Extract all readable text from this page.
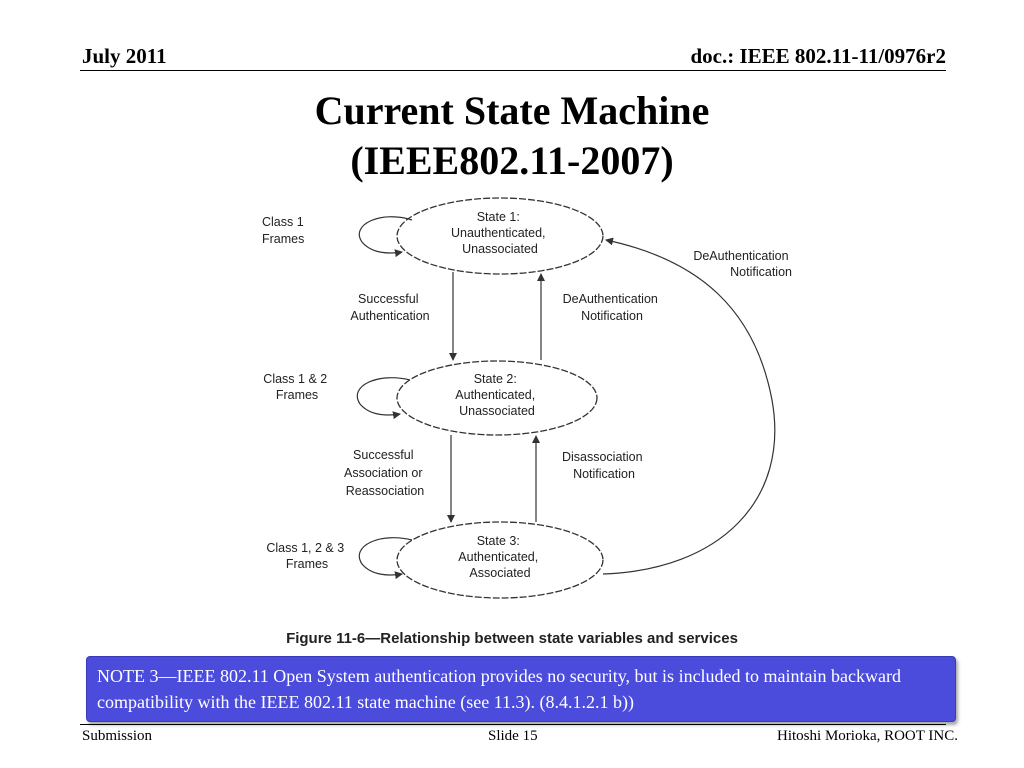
July 2011	doc.: IEEE 802.11-11/0976r2
Current State Machine
(IEEE802.11-2007)
State 1: Unauthenticated, Unassociated
State 2: Authenticated, Unassociated
State 3: Authenticated, Associated
Class 1 Frames
Class 1 & 2 Frames
Class 1, 2 & 3 Frames
Successful Authentication
DeAuthentication Notification
Successful Association or Reassociation
Disassociation Notification
DeAuthentication Notification
Figure 11-6—Relationship between state variables and services
NOTE 3—IEEE 802.11 Open System authentication provides no security, but is included to maintain backward compatibility with the IEEE 802.11 state machine (see 11.3). (8.4.1.2.1 b))
Submission	Slide 15	Hitoshi Morioka, ROOT INC.
